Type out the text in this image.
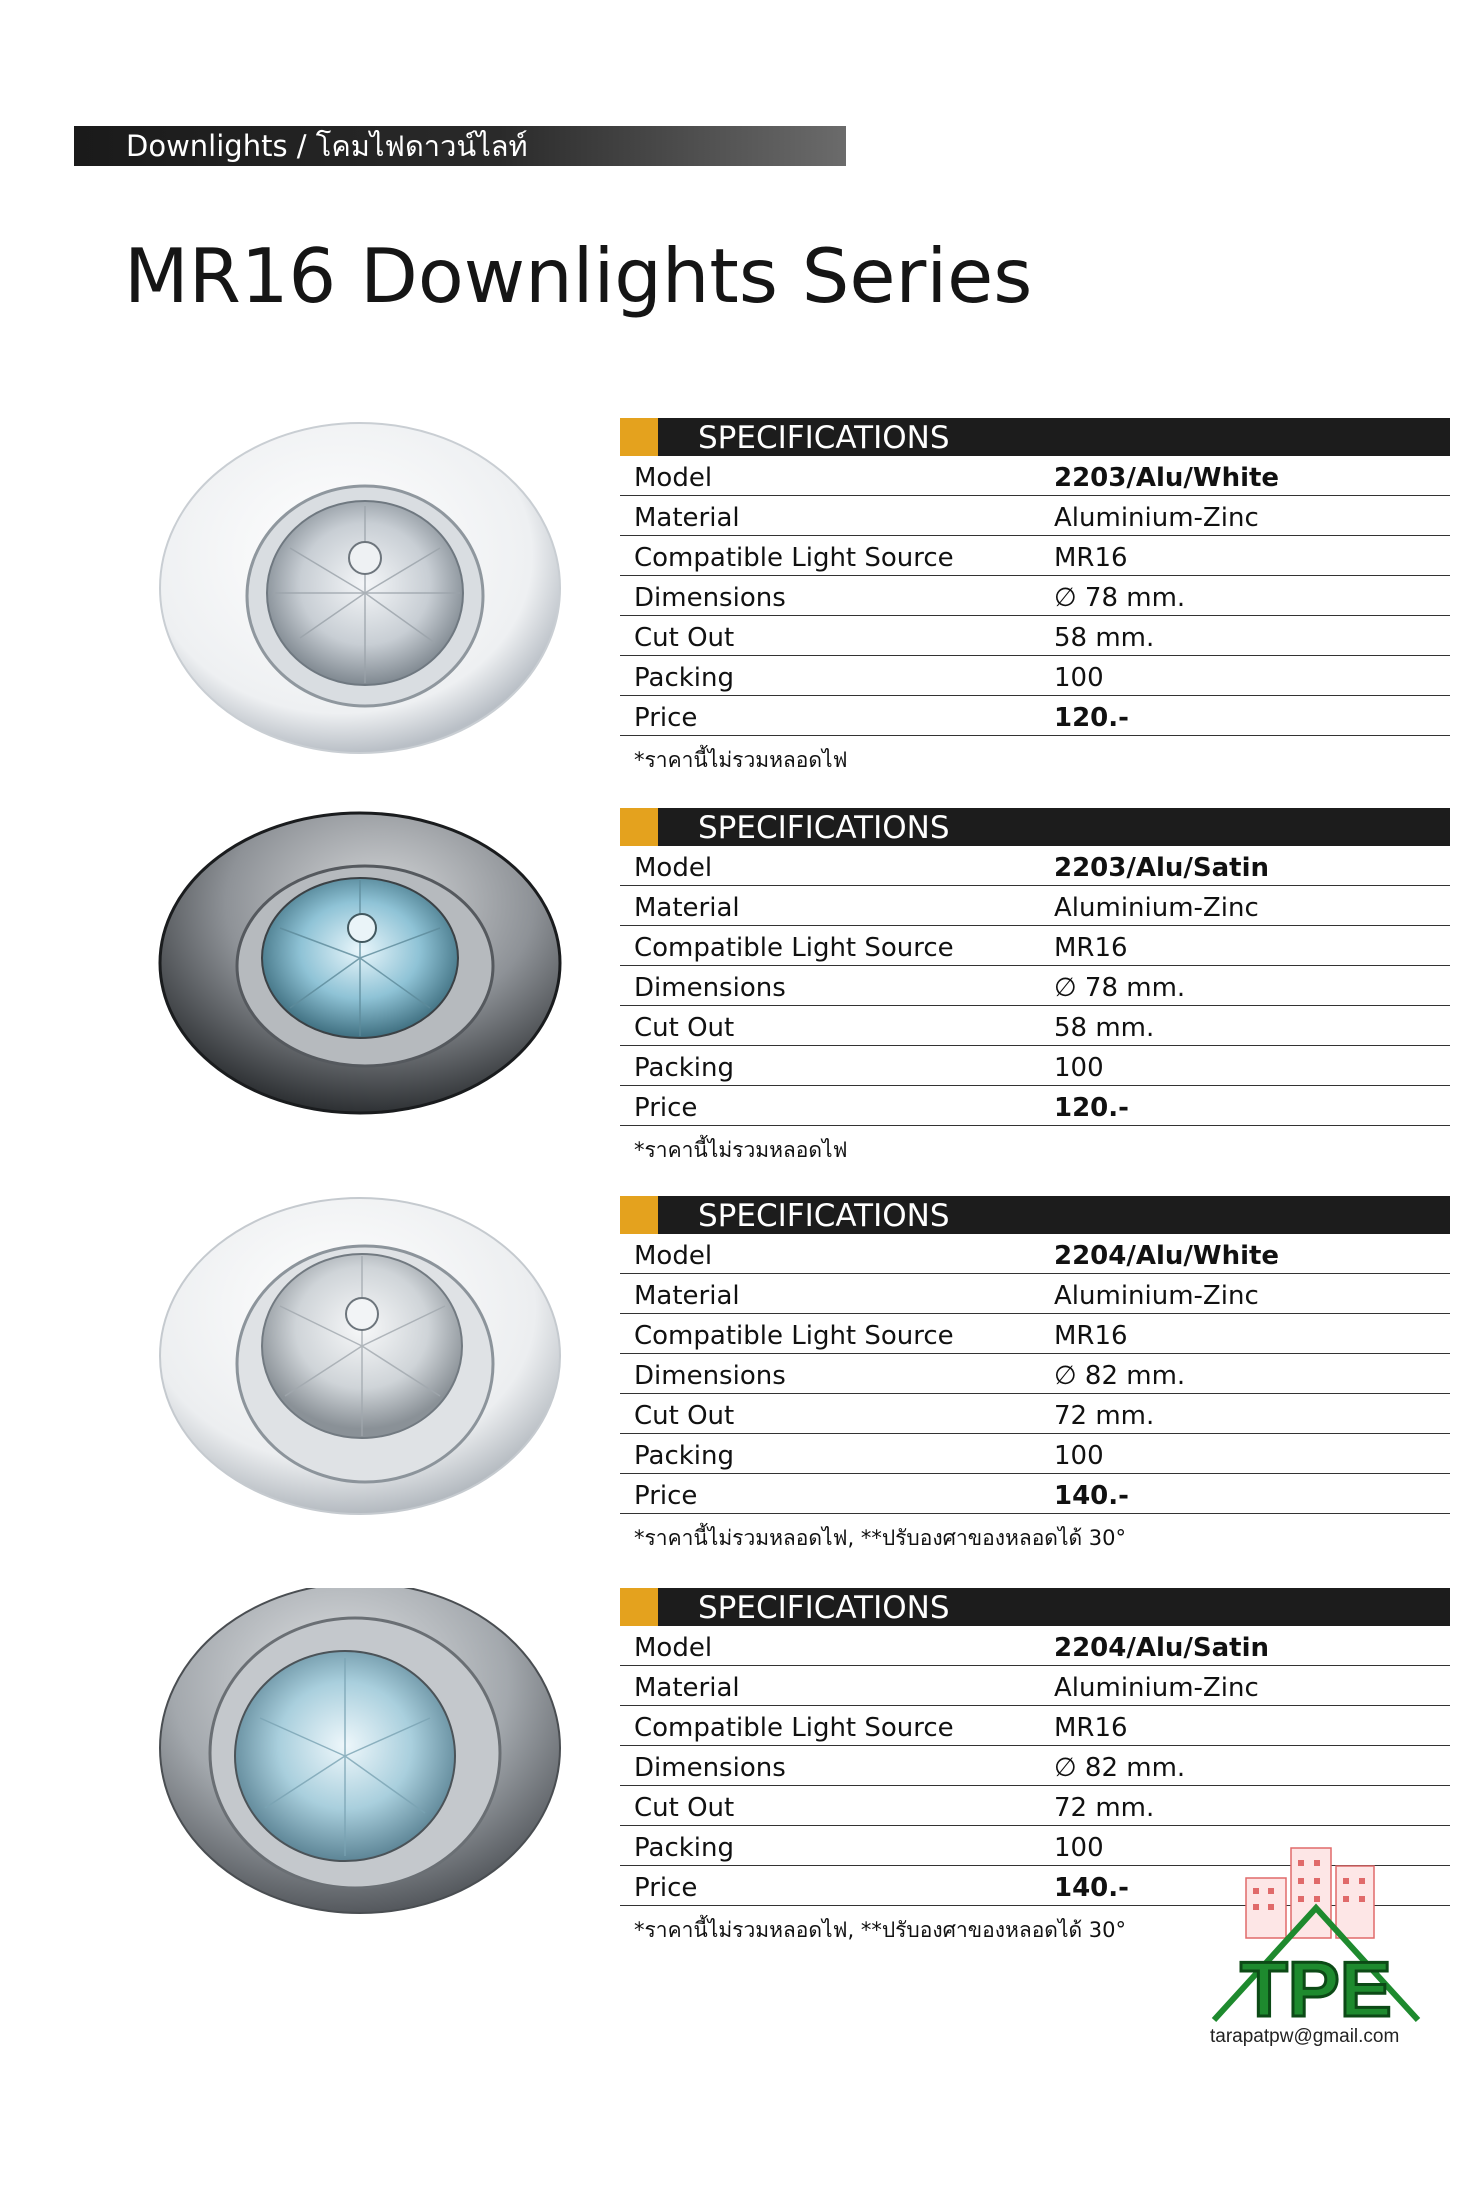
Downlights / โคมไฟดาวน์ไลท์
MR16 Downlights Series
SPECIFICATIONS
Model	2203/Alu/White
Material	Aluminium-Zinc
Compatible Light Source	MR16
Dimensions	∅ 78 mm.
Cut Out	58 mm.
Packing	100
Price	120.-
*ราคานี้ไม่รวมหลอดไฟ
SPECIFICATIONS
Model	2203/Alu/Satin
Material	Aluminium-Zinc
Compatible Light Source	MR16
Dimensions	∅ 78 mm.
Cut Out	58 mm.
Packing	100
Price	120.-
*ราคานี้ไม่รวมหลอดไฟ
SPECIFICATIONS
Model	2204/Alu/White
Material	Aluminium-Zinc
Compatible Light Source	MR16
Dimensions	∅ 82 mm.
Cut Out	72 mm.
Packing	100
Price	140.-
*ราคานี้ไม่รวมหลอดไฟ, **ปรับองศาของหลอดได้ 30°
SPECIFICATIONS
Model	2204/Alu/Satin
Material	Aluminium-Zinc
Compatible Light Source	MR16
Dimensions	∅ 82 mm.
Cut Out	72 mm.
Packing	100
Price	140.-
*ราคานี้ไม่รวมหลอดไฟ, **ปรับองศาของหลอดได้ 30°
TPE
tarapatpw@gmail.com
